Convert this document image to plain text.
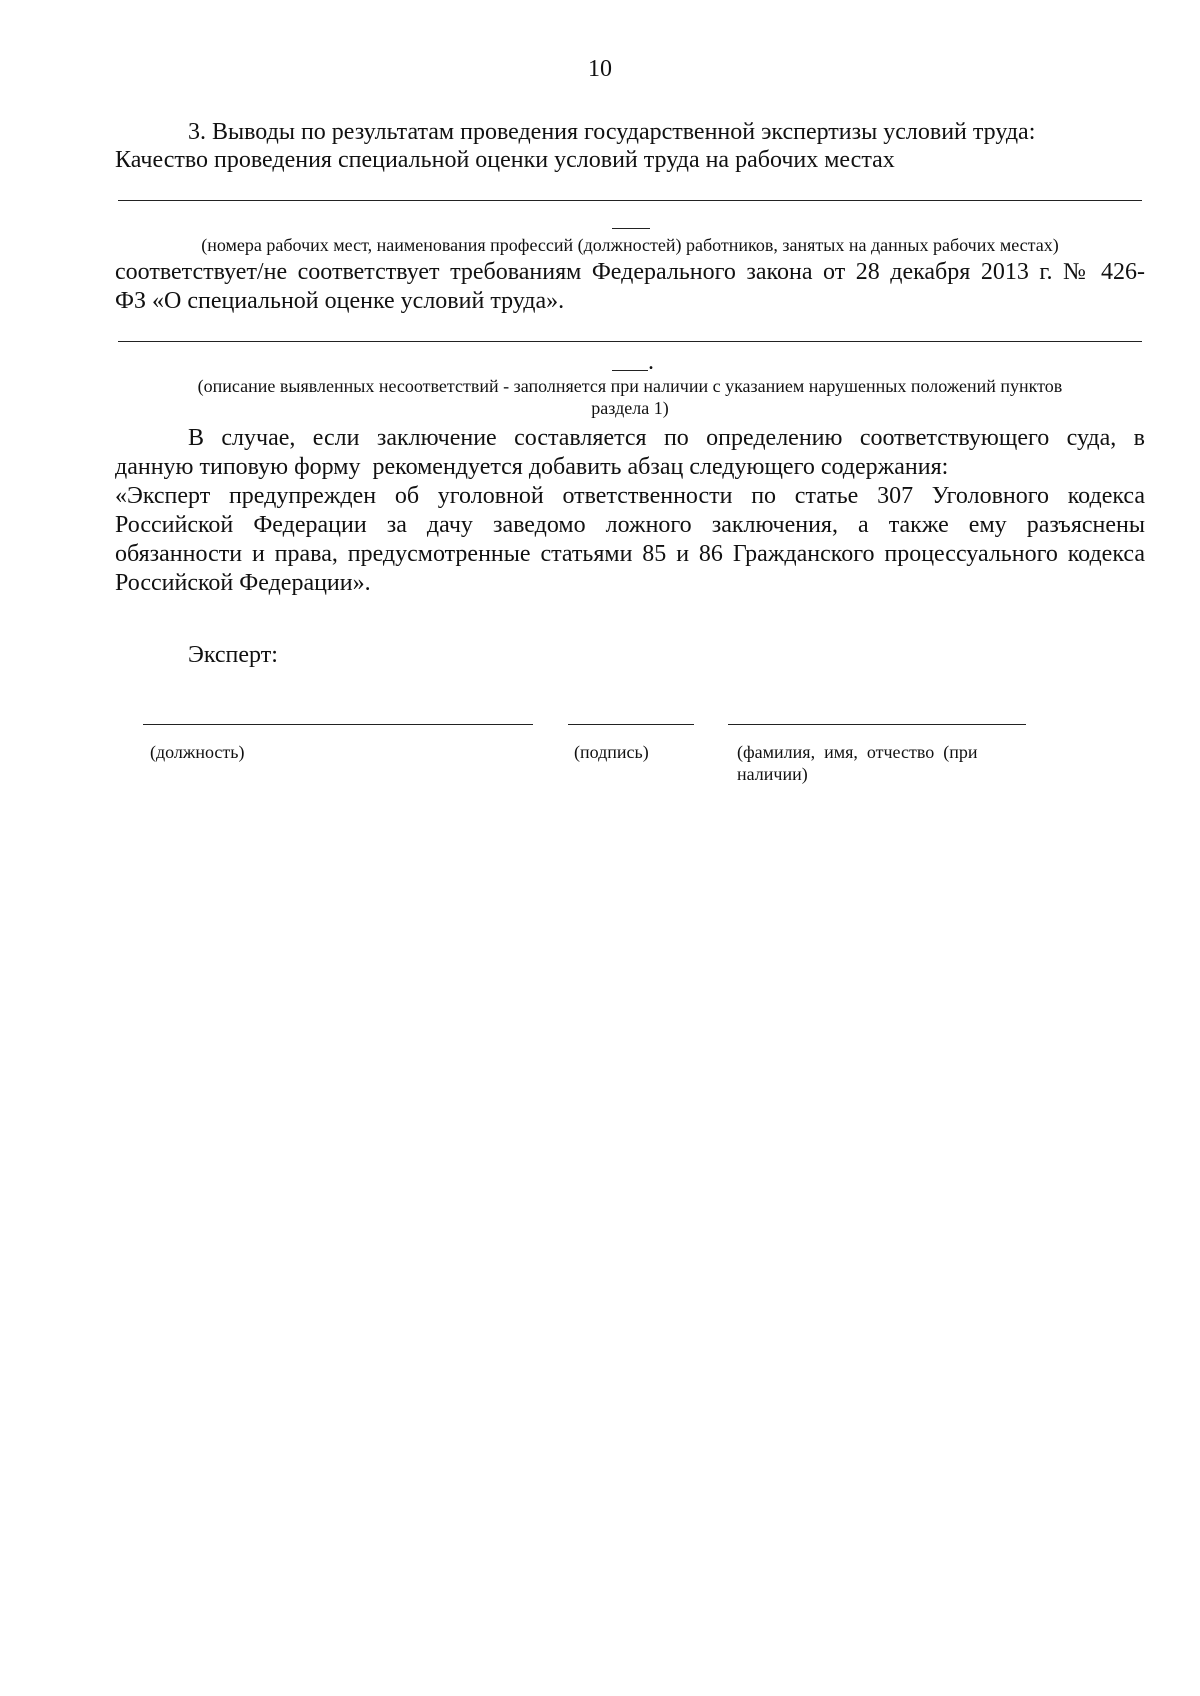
10
3. Выводы по результатам проведения государственной экспертизы условий труда:
Качество проведения специальной оценки условий труда на рабочих местах
(номера рабочих мест, наименования профессий (должностей) работников, занятых на данных рабочих местах)
соответствует/не соответствует требованиям Федерального закона от 28 декабря 2013 г. № 426-
ФЗ «О специальной оценке условий труда».
.
(описание выявленных несоответствий - заполняется при наличии с указанием нарушенных положений пунктов
раздела 1)
В случае, если заключение составляется по определению соответствующего суда, в
данную типовую форму  рекомендуется добавить абзац следующего содержания:
«Эксперт предупрежден об уголовной ответственности по статье 307 Уголовного кодекса
Российской Федерации за дачу заведомо ложного заключения, а также ему разъяснены
обязанности и права, предусмотренные статьями 85 и 86 Гражданского процессуального кодекса
Российской Федерации».
Эксперт:
(должность)	(подпись)	(фамилия,  имя,  отчество  (при
наличии)
